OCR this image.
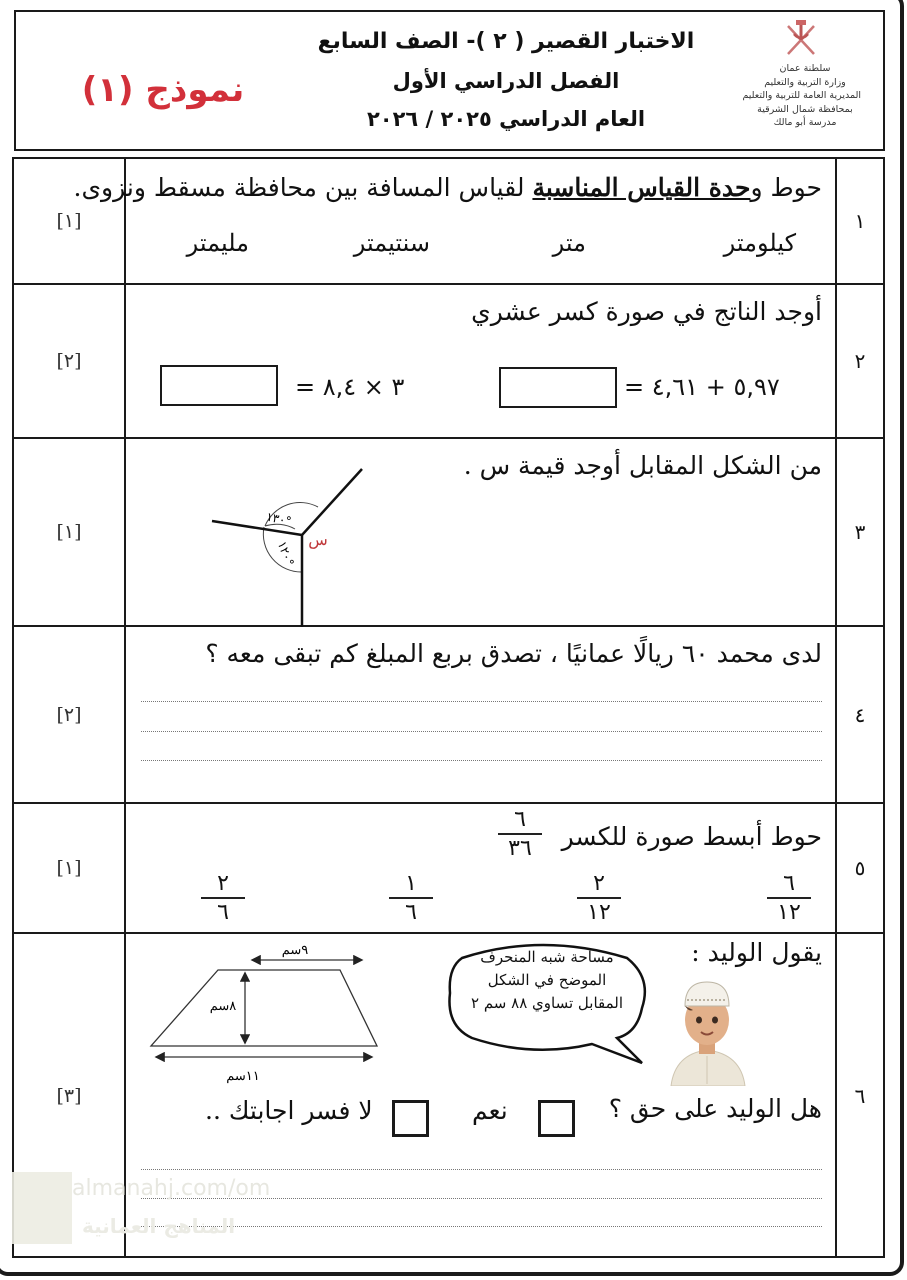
سلطنة عمان
وزارة التربية والتعليم
المديرية العامة للتربية والتعليم
بمحافظة شمال الشرقية
مدرسة أبو مالك
الاختبار القصير ( ٢ )- الصف السابع
الفصل الدراسي الأول
العام الدراسي ٢٠٢٥ / ٢٠٢٦
نموذج (١)
[١]
حوط وحدة القياس المناسبة لقياس المسافة بين محافظة مسقط ونزوى.
كيلومتر
متر
سنتيمتر
مليمتر
١
[٢]
أوجد الناتج في صورة كسر عشري
٥,٩٧ + ٤,٦١ =
٣ × ٨,٤ =
٢
[١]
من الشكل المقابل أوجد قيمة س .
١٣٠°
١٢٠°
س	٣
[٢]
لدى محمد ٦٠ ريالًا عمانيًا ، تصدق بربع المبلغ كم تبقى معه ؟
٤
[١]
حوط أبسط صورة للكسر
٦
٣٦
٦
١٢
٢
١٢
١
٦
٢
٦
٥
[٣]
يقول الوليد :
٩سم
٨سم
١١سم
مساحة شبه المنحرف
الموضح في الشكل
المقابل تساوي ٨٨ سم ٢
هل الوليد على حق ؟
نعم
لا فسر اجابتك ..	٦
almanahj.com/om
المناهج العمانية
